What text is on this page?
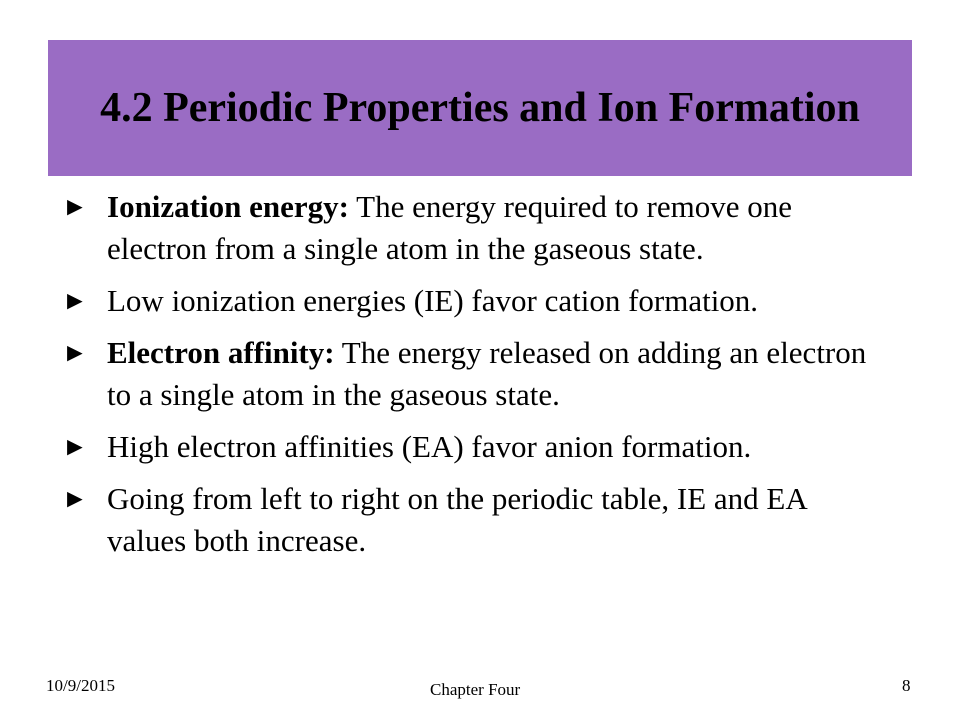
4.2 Periodic Properties and Ion Formation
► Ionization energy: The energy required to remove one electron from a single atom in the gaseous state.
► Low ionization energies (IE) favor cation formation.
► Electron affinity: The energy released on adding an electron to a single atom in the gaseous state.
► High electron affinities (EA) favor anion formation.
► Going from left to right on the periodic table, IE and EA values both increase.
10/9/2015	Chapter Four	8
